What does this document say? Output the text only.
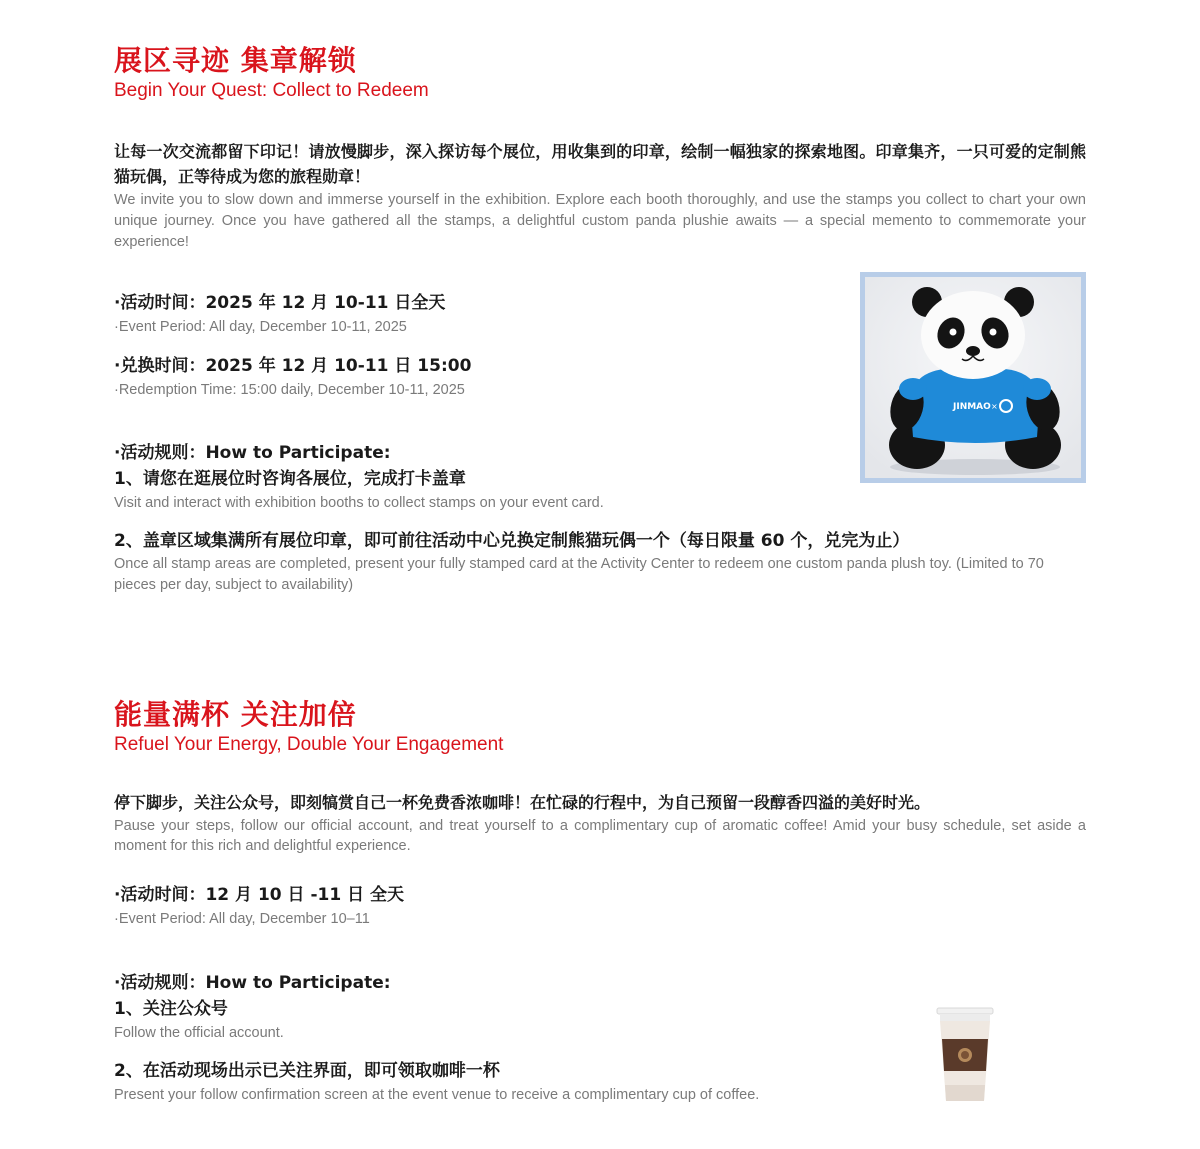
展区寻迹 集章解锁
Begin Your Quest: Collect to Redeem
让每一次交流都留下印记！请放慢脚步，深入探访每个展位，用收集到的印章，绘制一幅独家的探索地图。印章集齐，一只可爱的定制熊猫玩偶，正等待成为您的旅程勋章！
We invite you to slow down and immerse yourself in the exhibition. Explore each booth thoroughly, and use the stamps you collect to chart your own unique journey. Once you have gathered all the stamps, a delightful custom panda plushie awaits — a special memento to commemorate your experience!
·活动时间：2025 年 12 月 10-11 日全天
·Event Period: All day, December 10-11, 2025
·兑换时间：2025 年 12 月 10-11 日 15:00
·Redemption Time: 15:00 daily, December 10-11, 2025
·活动规则：How to Participate:
1、请您在逛展位时咨询各展位，完成打卡盖章
Visit and interact with exhibition booths to collect stamps on your event card.
2、盖章区域集满所有展位印章，即可前往活动中心兑换定制熊猫玩偶一个（每日限量 60 个，兑完为止）
Once all stamp areas are completed, present your fully stamped card at the Activity Center to redeem one custom panda plush toy. (Limited to 70 pieces per day, subject to availability)
JINMAO ×
能量满杯 关注加倍
Refuel Your Energy, Double Your Engagement
停下脚步，关注公众号，即刻犒赏自己一杯免费香浓咖啡！在忙碌的行程中，为自己预留一段醇香四溢的美好时光。
Pause your steps, follow our official account, and treat yourself to a complimentary cup of aromatic coffee! Amid your busy schedule, set aside a moment for this rich and delightful experience.
·活动时间：12 月 10 日 -11 日 全天
·Event Period: All day, December 10–11
·活动规则：How to Participate:
1、关注公众号
Follow the official account.
2、在活动现场出示已关注界面，即可领取咖啡一杯
Present your follow confirmation screen at the event venue to receive a complimentary cup of coffee.
